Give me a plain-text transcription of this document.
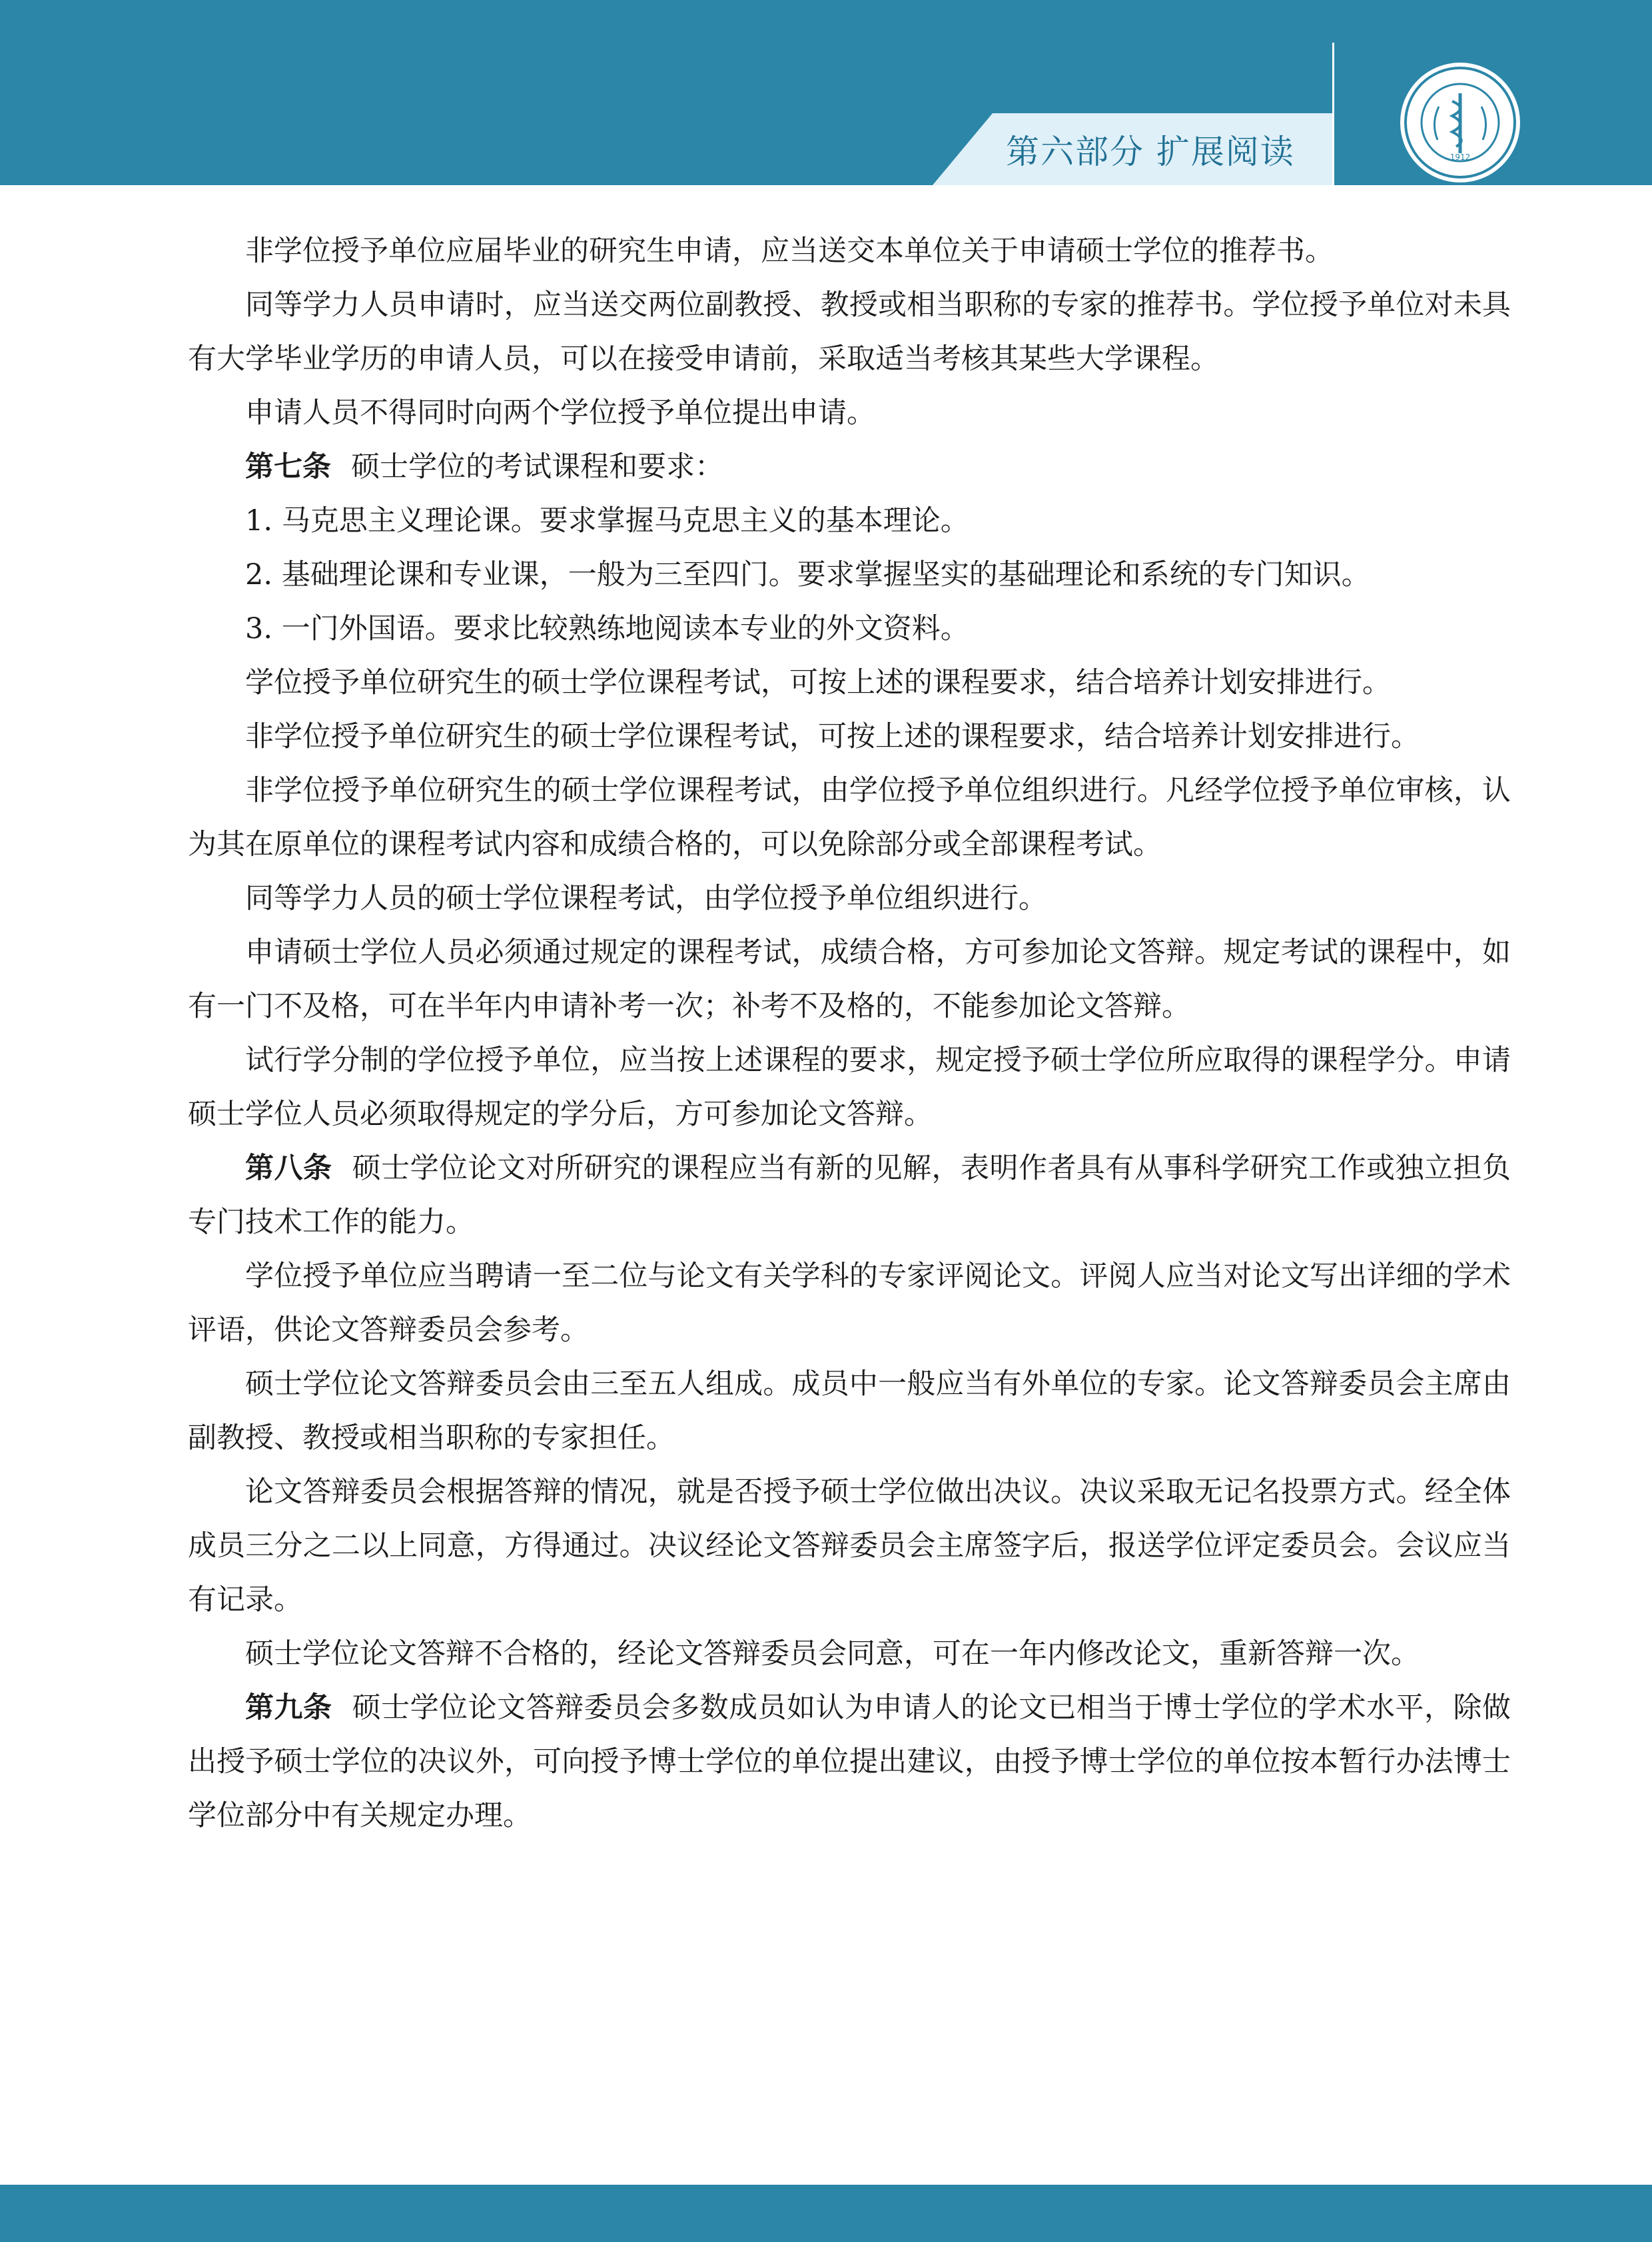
第六部分 扩展阅读	1912

非学位授予单位应届毕业的研究生申请，应当送交本单位关于申请硕士学位的推荐书。

同等学力人员申请时，应当送交两位副教授、教授或相当职称的专家的推荐书。学位授予单位对未具有大学毕业学历的申请人员，可以在接受申请前，采取适当考核其某些大学课程。

申请人员不得同时向两个学位授予单位提出申请。

第七条 硕士学位的考试课程和要求：

1. 马克思主义理论课。要求掌握马克思主义的基本理论。

2. 基础理论课和专业课，一般为三至四门。要求掌握坚实的基础理论和系统的专门知识。

3. 一门外国语。要求比较熟练地阅读本专业的外文资料。

学位授予单位研究生的硕士学位课程考试，可按上述的课程要求，结合培养计划安排进行。

非学位授予单位研究生的硕士学位课程考试，可按上述的课程要求，结合培养计划安排进行。

非学位授予单位研究生的硕士学位课程考试，由学位授予单位组织进行。凡经学位授予单位审核，认为其在原单位的课程考试内容和成绩合格的，可以免除部分或全部课程考试。

同等学力人员的硕士学位课程考试，由学位授予单位组织进行。

申请硕士学位人员必须通过规定的课程考试，成绩合格，方可参加论文答辩。规定考试的课程中，如有一门不及格，可在半年内申请补考一次；补考不及格的，不能参加论文答辩。

试行学分制的学位授予单位，应当按上述课程的要求，规定授予硕士学位所应取得的课程学分。申请硕士学位人员必须取得规定的学分后，方可参加论文答辩。

第八条 硕士学位论文对所研究的课程应当有新的见解，表明作者具有从事科学研究工作或独立担负专门技术工作的能力。

学位授予单位应当聘请一至二位与论文有关学科的专家评阅论文。评阅人应当对论文写出详细的学术评语，供论文答辩委员会参考。

硕士学位论文答辩委员会由三至五人组成。成员中一般应当有外单位的专家。论文答辩委员会主席由副教授、教授或相当职称的专家担任。

论文答辩委员会根据答辩的情况，就是否授予硕士学位做出决议。决议采取无记名投票方式。经全体成员三分之二以上同意，方得通过。决议经论文答辩委员会主席签字后，报送学位评定委员会。会议应当有记录。

硕士学位论文答辩不合格的，经论文答辩委员会同意，可在一年内修改论文，重新答辩一次。

第九条 硕士学位论文答辩委员会多数成员如认为申请人的论文已相当于博士学位的学术水平，除做出授予硕士学位的决议外，可向授予博士学位的单位提出建议，由授予博士学位的单位按本暂行办法博士学位部分中有关规定办理。
